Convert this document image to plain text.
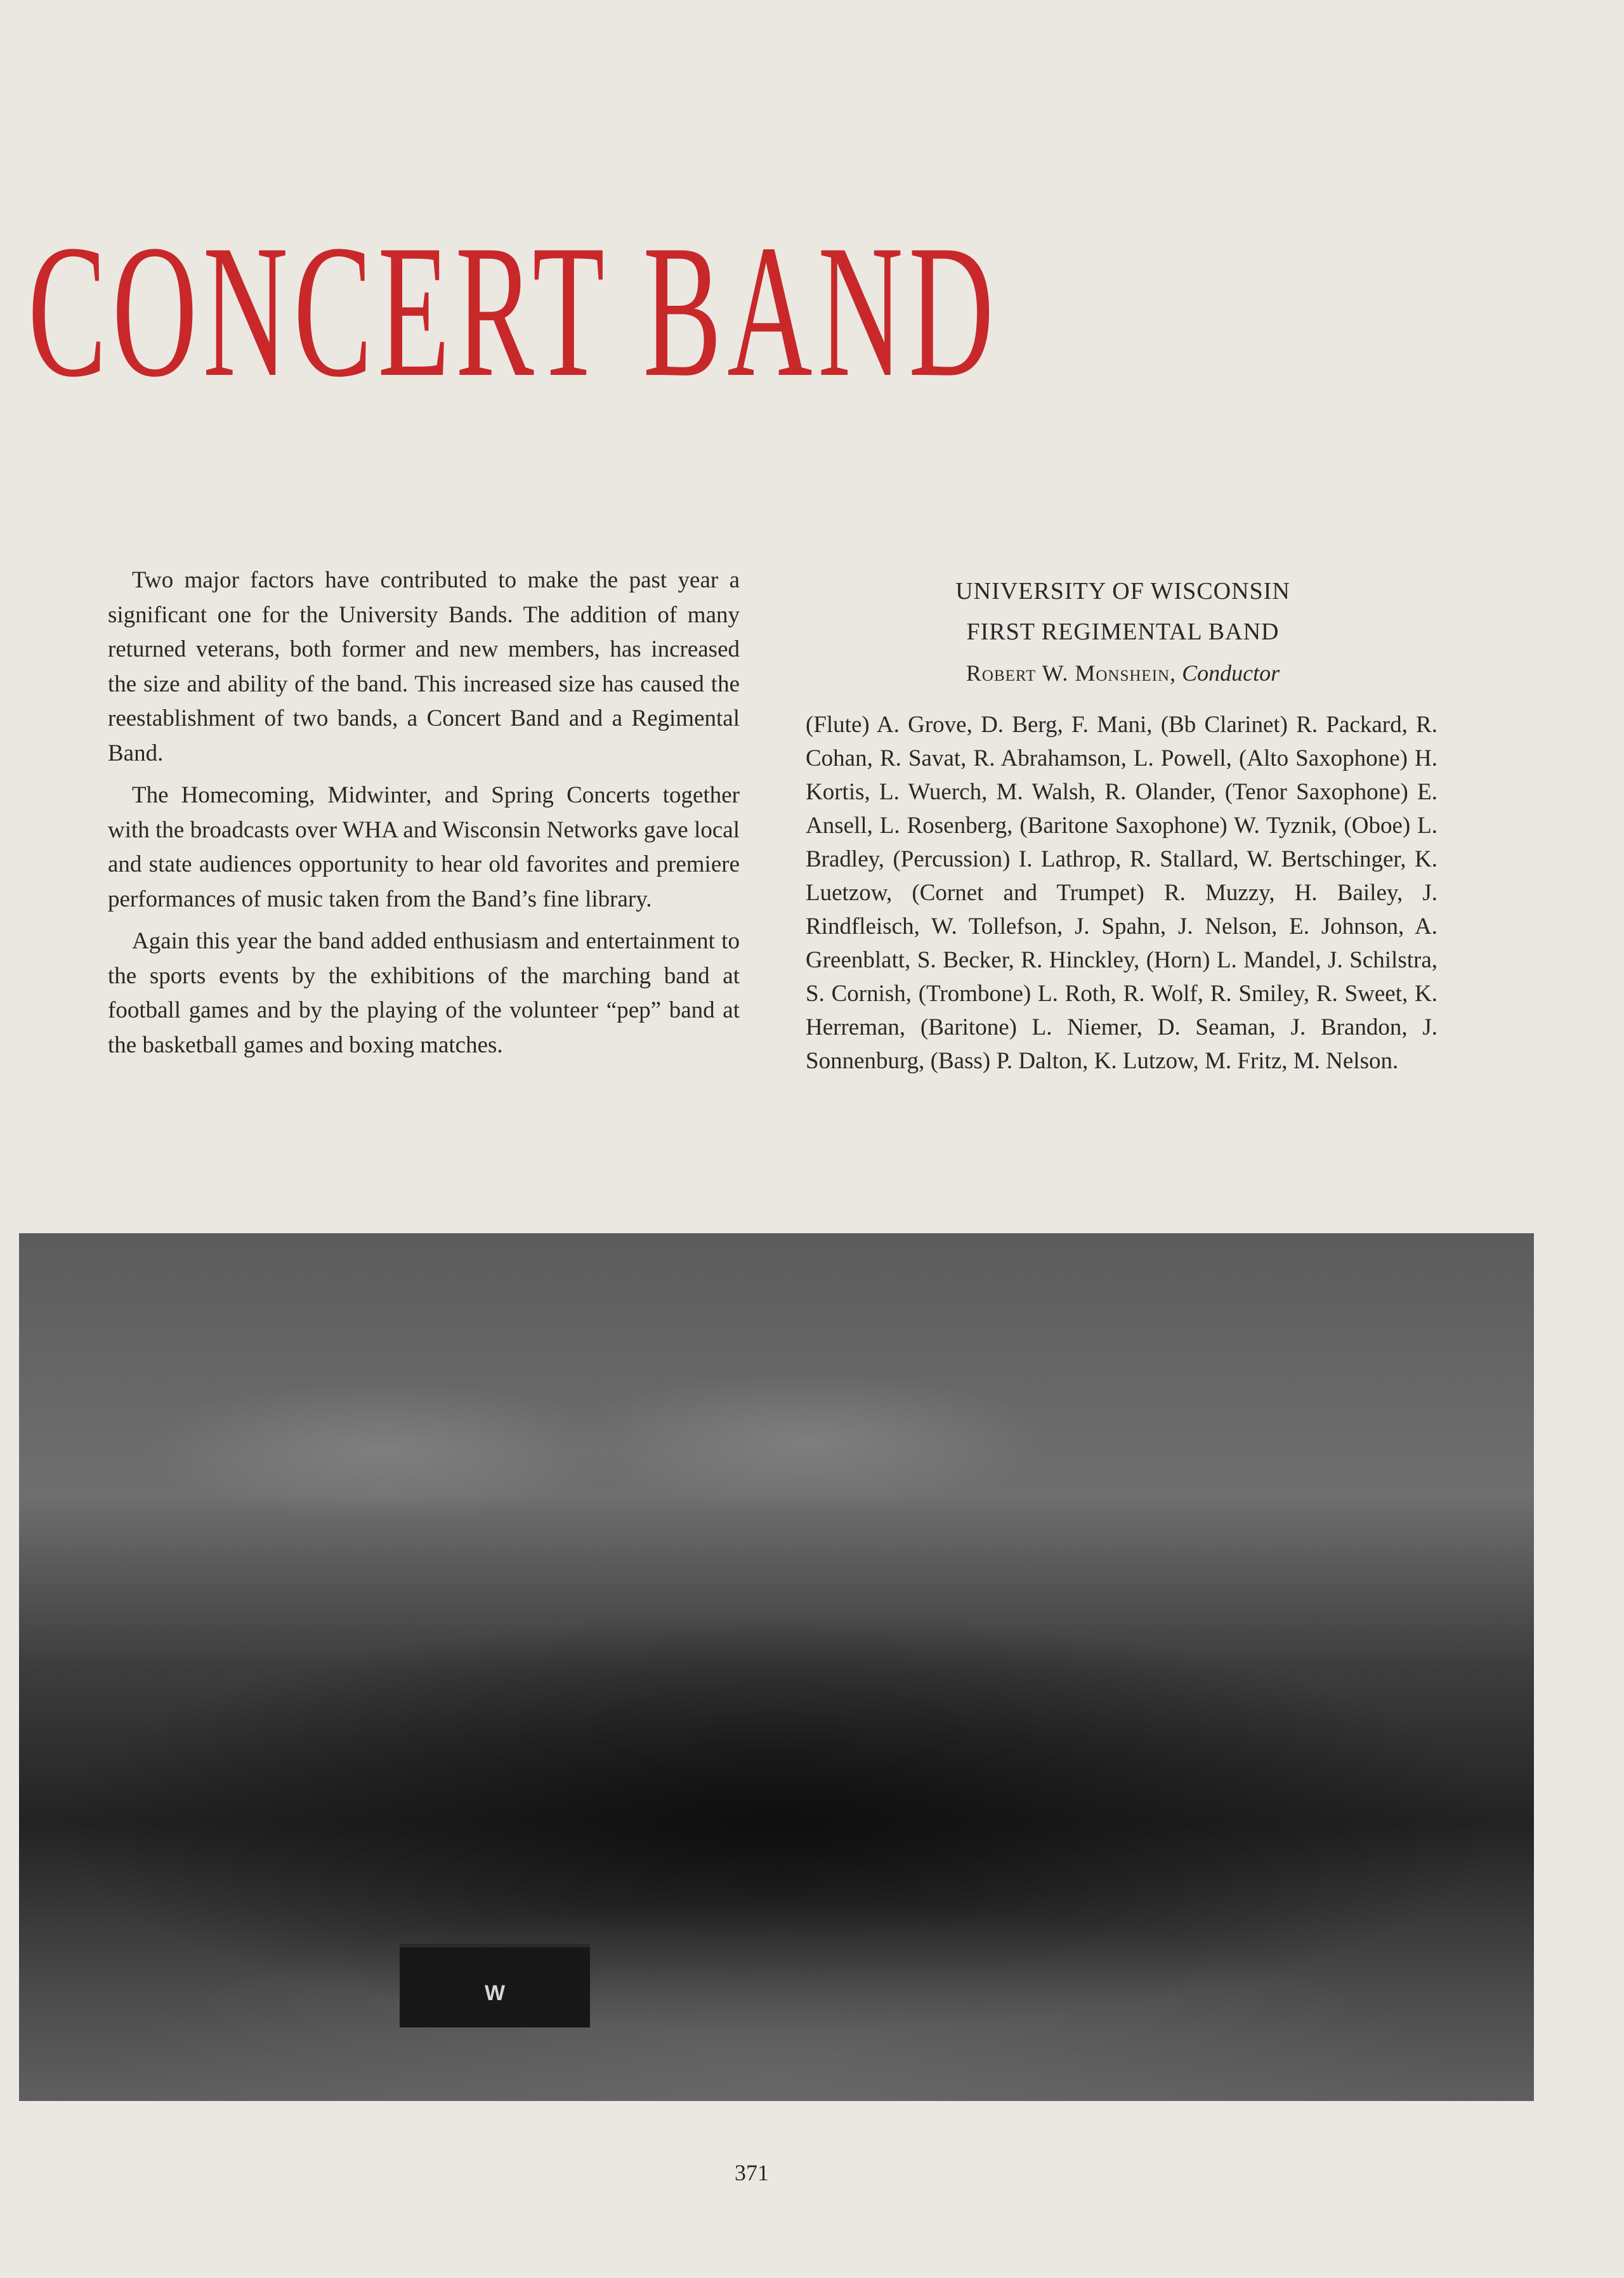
CONCERT BAND

Two major factors have contributed to make the past year a significant one for the University Bands. The addition of many returned veterans, both former and new members, has increased the size and ability of the band. This increased size has caused the reestablishment of two bands, a Concert Band and a Regimental Band.

The Homecoming, Midwinter, and Spring Concerts together with the broadcasts over WHA and Wisconsin Networks gave local and state audiences opportunity to hear old favorites and premiere performances of music taken from the Band’s fine library.

Again this year the band added enthusiasm and entertainment to the sports events by the exhibitions of the marching band at football games and by the playing of the volunteer “pep” band at the basketball games and boxing matches.

UNIVERSITY OF WISCONSIN
FIRST REGIMENTAL BAND
Robert W. Monshein, Conductor
(Flute) A. Grove, D. Berg, F. Mani, (Bb Clarinet) R. Packard, R. Cohan, R. Savat, R. Abrahamson, L. Powell, (Alto Saxophone) H. Kortis, L. Wuerch, M. Walsh, R. Olander, (Tenor Saxophone) E. Ansell, L. Rosenberg, (Baritone Saxophone) W. Tyznik, (Oboe) L. Bradley, (Percussion) I. Lathrop, R. Stallard, W. Bertschinger, K. Luetzow, (Cornet and Trumpet) R. Muzzy, H. Bailey, J. Rindfleisch, W. Tollefson, J. Spahn, J. Nelson, E. Johnson, A. Greenblatt, S. Becker, R. Hinckley, (Horn) L. Mandel, J. Schilstra, S. Cornish, (Trombone) L. Roth, R. Wolf, R. Smiley, R. Sweet, K. Herreman, (Baritone) L. Niemer, D. Seaman, J. Brandon, J. Sonnenburg, (Bass) P. Dalton, K. Lutzow, M. Fritz, M. Nelson.
W
371
